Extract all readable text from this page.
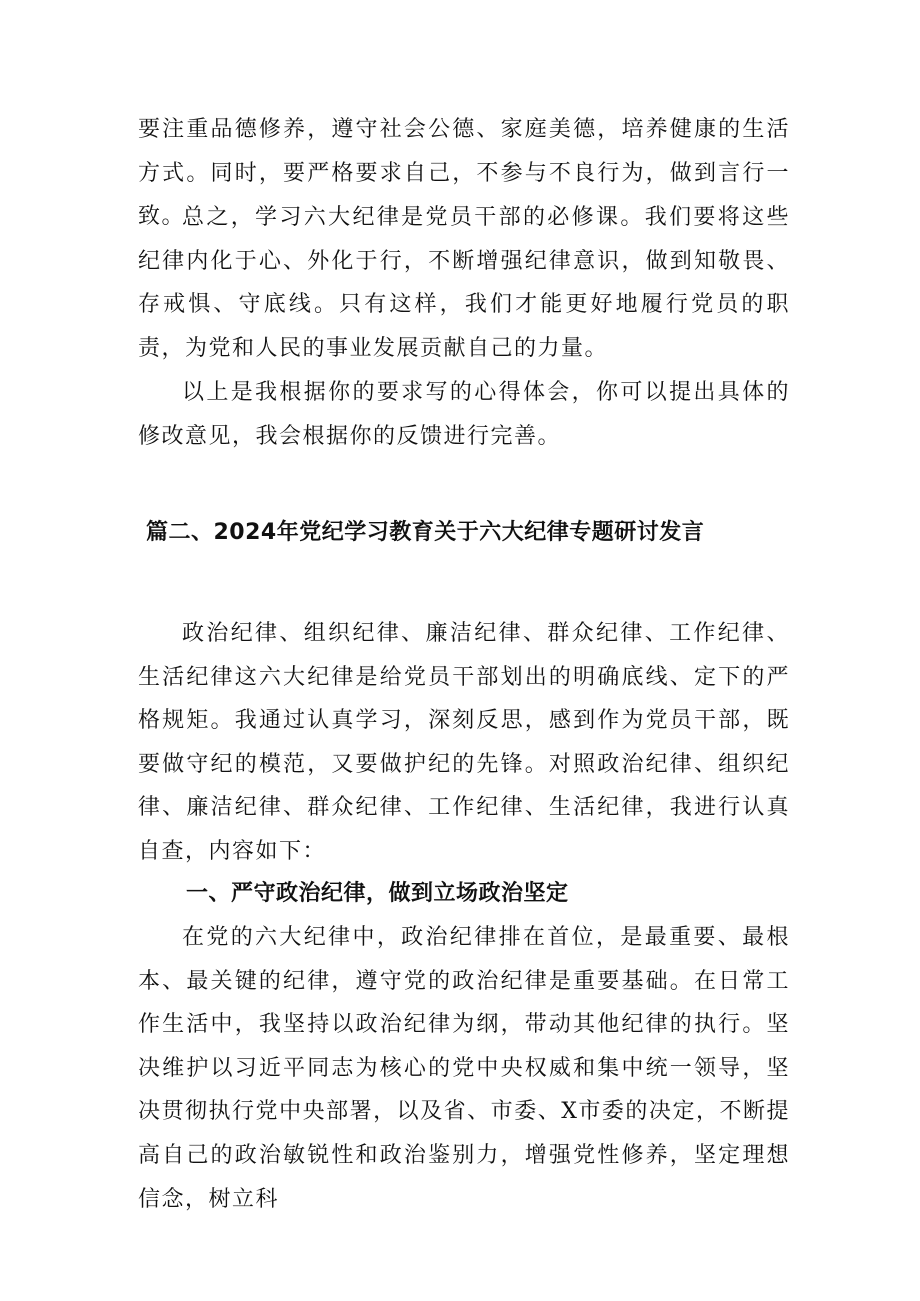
要注重品德修养，遵守社会公德、家庭美德，培养健康的生活方式。同时，要严格要求自己，不参与不良行为，做到言行一致。

总之，学习六大纪律是党员干部的必修课。我们要将这些纪律内化于心、外化于行，不断增强纪律意识，做到知敬畏、存戒惧、守底线。只有这样，我们才能更好地履行党员的职责，为党和人民的事业发展贡献自己的力量。

以上是我根据你的要求写的心得体会，你可以提出具体的修改意见，我会根据你的反馈进行完善。

篇二、2024年党纪学习教育关于六大纪律专题研讨发言

政治纪律、组织纪律、廉洁纪律、群众纪律、工作纪律、生活纪律这六大纪律是给党员干部划出的明确底线、定下的严格规矩。我通过认真学习，深刻反思，感到作为党员干部，既要做守纪的模范，又要做护纪的先锋。对照政治纪律、组织纪律、廉洁纪律、群众纪律、工作纪律、生活纪律，我进行认真自查，内容如下：

一、严守政治纪律，做到立场政治坚定

在党的六大纪律中，政治纪律排在首位，是最重要、最根本、最关键的纪律，遵守党的政治纪律是重要基础。在日常工作生活中，我坚持以政治纪律为纲，带动其他纪律的执行。坚决维护以习近平同志为核心的党中央权威和集中统一领导，坚决贯彻执行党中央部署，以及省、市委、X市委的决定，不断提高自己的政治敏锐性和政治鉴别力，增强党性修养，坚定理想信念，树立科
